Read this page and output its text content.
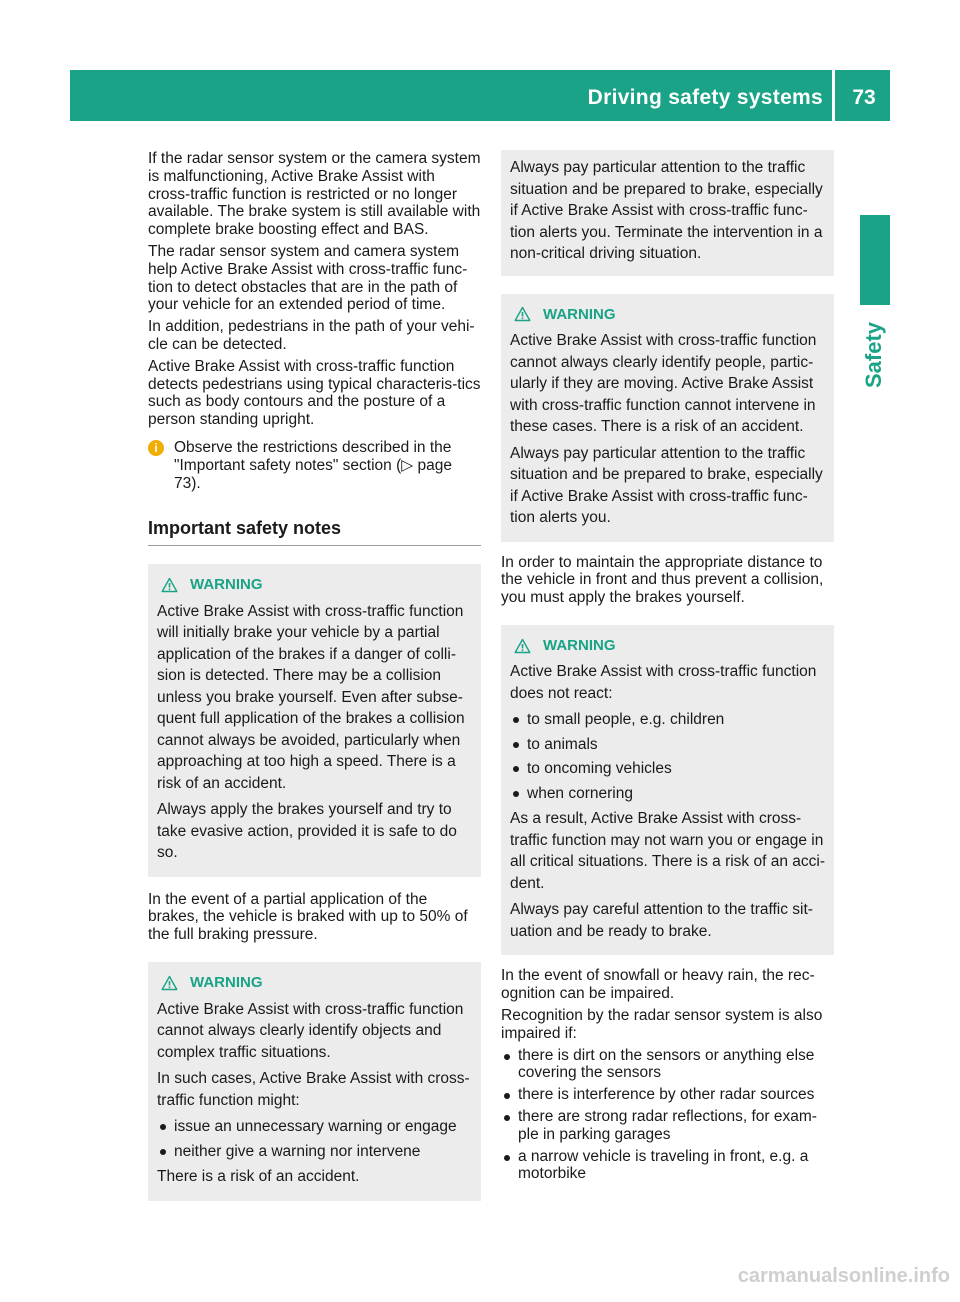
Driving safety systems	73
Safety

If the radar sensor system or the camera system is malfunctioning, Active Brake Assist with cross-traffic function is restricted or no longer available. The brake system is still available with complete brake boosting effect and BAS.

The radar sensor system and camera system help Active Brake Assist with cross-traffic func-tion to detect obstacles that are in the path of your vehicle for an extended period of time.

In addition, pedestrians in the path of your vehi-cle can be detected.

Active Brake Assist with cross-traffic function detects pedestrians using typical characteris-tics such as body contours and the posture of a person standing upright.

i	Observe the restrictions described in the "Important safety notes" section (▷ page 73).
Important safety notes
WARNING

Active Brake Assist with cross-traffic function will initially brake your vehicle by a partial application of the brakes if a danger of colli-sion is detected. There may be a collision unless you brake yourself. Even after subse-quent full application of the brakes a collision cannot always be avoided, particularly when approaching at too high a speed. There is a risk of an accident.

Always apply the brakes yourself and try to take evasive action, provided it is safe to do so.

In the event of a partial application of the brakes, the vehicle is braked with up to 50% of the full braking pressure.

WARNING

Active Brake Assist with cross-traffic function cannot always clearly identify objects and complex traffic situations.

In such cases, Active Brake Assist with cross-traffic function might:

issue an unnecessary warning or engage
neither give a warning nor intervene

There is a risk of an accident.

Always pay particular attention to the traffic situation and be prepared to brake, especially if Active Brake Assist with cross-traffic func-tion alerts you. Terminate the intervention in a non-critical driving situation.

WARNING

Active Brake Assist with cross-traffic function cannot always clearly identify people, partic-ularly if they are moving. Active Brake Assist with cross-traffic function cannot intervene in these cases. There is a risk of an accident.

Always pay particular attention to the traffic situation and be prepared to brake, especially if Active Brake Assist with cross-traffic func-tion alerts you.

In order to maintain the appropriate distance to the vehicle in front and thus prevent a collision, you must apply the brakes yourself.

WARNING

Active Brake Assist with cross-traffic function does not react:

to small people, e.g. children
to animals
to oncoming vehicles
when cornering

As a result, Active Brake Assist with cross-traffic function may not warn you or engage in all critical situations. There is a risk of an acci-dent.

Always pay careful attention to the traffic sit-uation and be ready to brake.

In the event of snowfall or heavy rain, the rec-ognition can be impaired.

Recognition by the radar sensor system is also impaired if:

there is dirt on the sensors or anything else covering the sensors
there is interference by other radar sources
there are strong radar reflections, for exam-ple in parking garages
a narrow vehicle is traveling in front, e.g. a motorbike
carmanualsonline.info
